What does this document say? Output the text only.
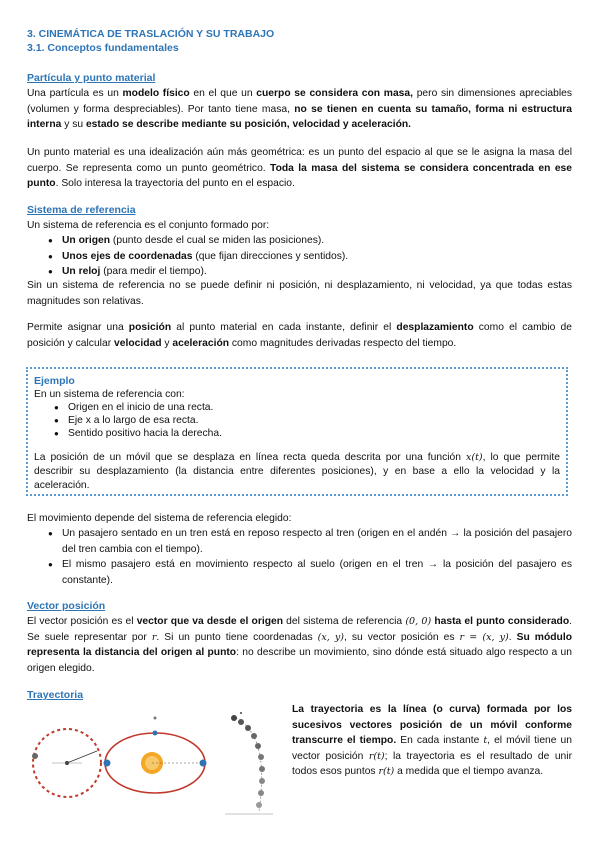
3. CINEMÁTICA DE TRASLACIÓN Y SU TRABAJO
3.1. Conceptos fundamentales
Partícula y punto material
Una partícula es un modelo físico en el que un cuerpo se considera con masa, pero sin dimensiones apreciables (volumen y forma despreciables). Por tanto tiene masa, no se tienen en cuenta su tamaño, forma ni estructura interna y su estado se describe mediante su posición, velocidad y aceleración.
Un punto material es una idealización aún más geométrica: es un punto del espacio al que se le asigna la masa del cuerpo. Se representa como un punto geométrico. Toda la masa del sistema se considera concentrada en ese punto. Solo interesa la trayectoria del punto en el espacio.
Sistema de referencia
Un sistema de referencia es el conjunto formado por:
● Un origen (punto desde el cual se miden las posiciones).
● Unos ejes de coordenadas (que fijan direcciones y sentidos).
● Un reloj (para medir el tiempo).
Sin un sistema de referencia no se puede definir ni posición, ni desplazamiento, ni velocidad, ya que todas estas magnitudes son relativas.
Permite asignar una posición al punto material en cada instante, definir el desplazamiento como el cambio de posición y calcular velocidad y aceleración como magnitudes derivadas respecto del tiempo.
Ejemplo
En un sistema de referencia con:
● Origen en el inicio de una recta.
● Eje x a lo largo de esa recta.
● Sentido positivo hacia la derecha.
La posición de un móvil que se desplaza en línea recta queda descrita por una función x(t), lo que permite describir su desplazamiento (la distancia entre diferentes posiciones), y en base a ello la velocidad y la aceleración.
El movimiento depende del sistema de referencia elegido:
● Un pasajero sentado en un tren está en reposo respecto al tren (origen en el andén → la posición del pasajero del tren cambia con el tiempo).
● El mismo pasajero está en movimiento respecto al suelo (origen en el tren → la posición del pasajero es constante).
Vector posición
El vector posición es el vector que va desde el origen del sistema de referencia (0, 0) hasta el punto considerado. Se suele representar por r. Si un punto tiene coordenadas (x, y), su vector posición es r = (x, y). Su módulo representa la distancia del origen al punto: no describe un movimiento, sino dónde está situado algo respecto a un origen elegido.
Trayectoria
La trayectoria es la línea (o curva) formada por los sucesivos vectores posición de un móvil conforme transcurre el tiempo. En cada instante t, el móvil tiene un vector posición r(t); la trayectoria es el resultado de unir todos esos puntos r(t) a medida que el tiempo avanza.
